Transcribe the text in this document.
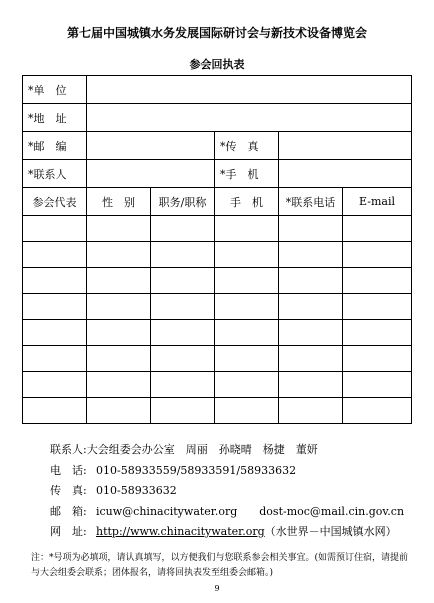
第七届中国城镇水务发展国际研讨会与新技术设备博览会
参会回执表
*单　位					
*地　址					
*邮　编			*传　真		
*联系人			*手　机		
参会代表	性　别	职务/职称	手　机	*联系电话	E-mail

联系人:大会组委会办公室　周丽　孙晓晴　杨捷　董妍
电　话: 010-58933559/58933591/58933632
传　真: 010-58933632
邮　箱: icuw@chinacitywater.org　　dost-moc@mail.cin.gov.cn
网　址: http://www.chinacitywater.org（水世界－中国城镇水网）
注：*号项为必填项，请认真填写，以方便我们与您联系参会相关事宜。(如需预订住宿，请提前与大会组委会联系；团体报名，请将回执表发至组委会邮箱。)
9
